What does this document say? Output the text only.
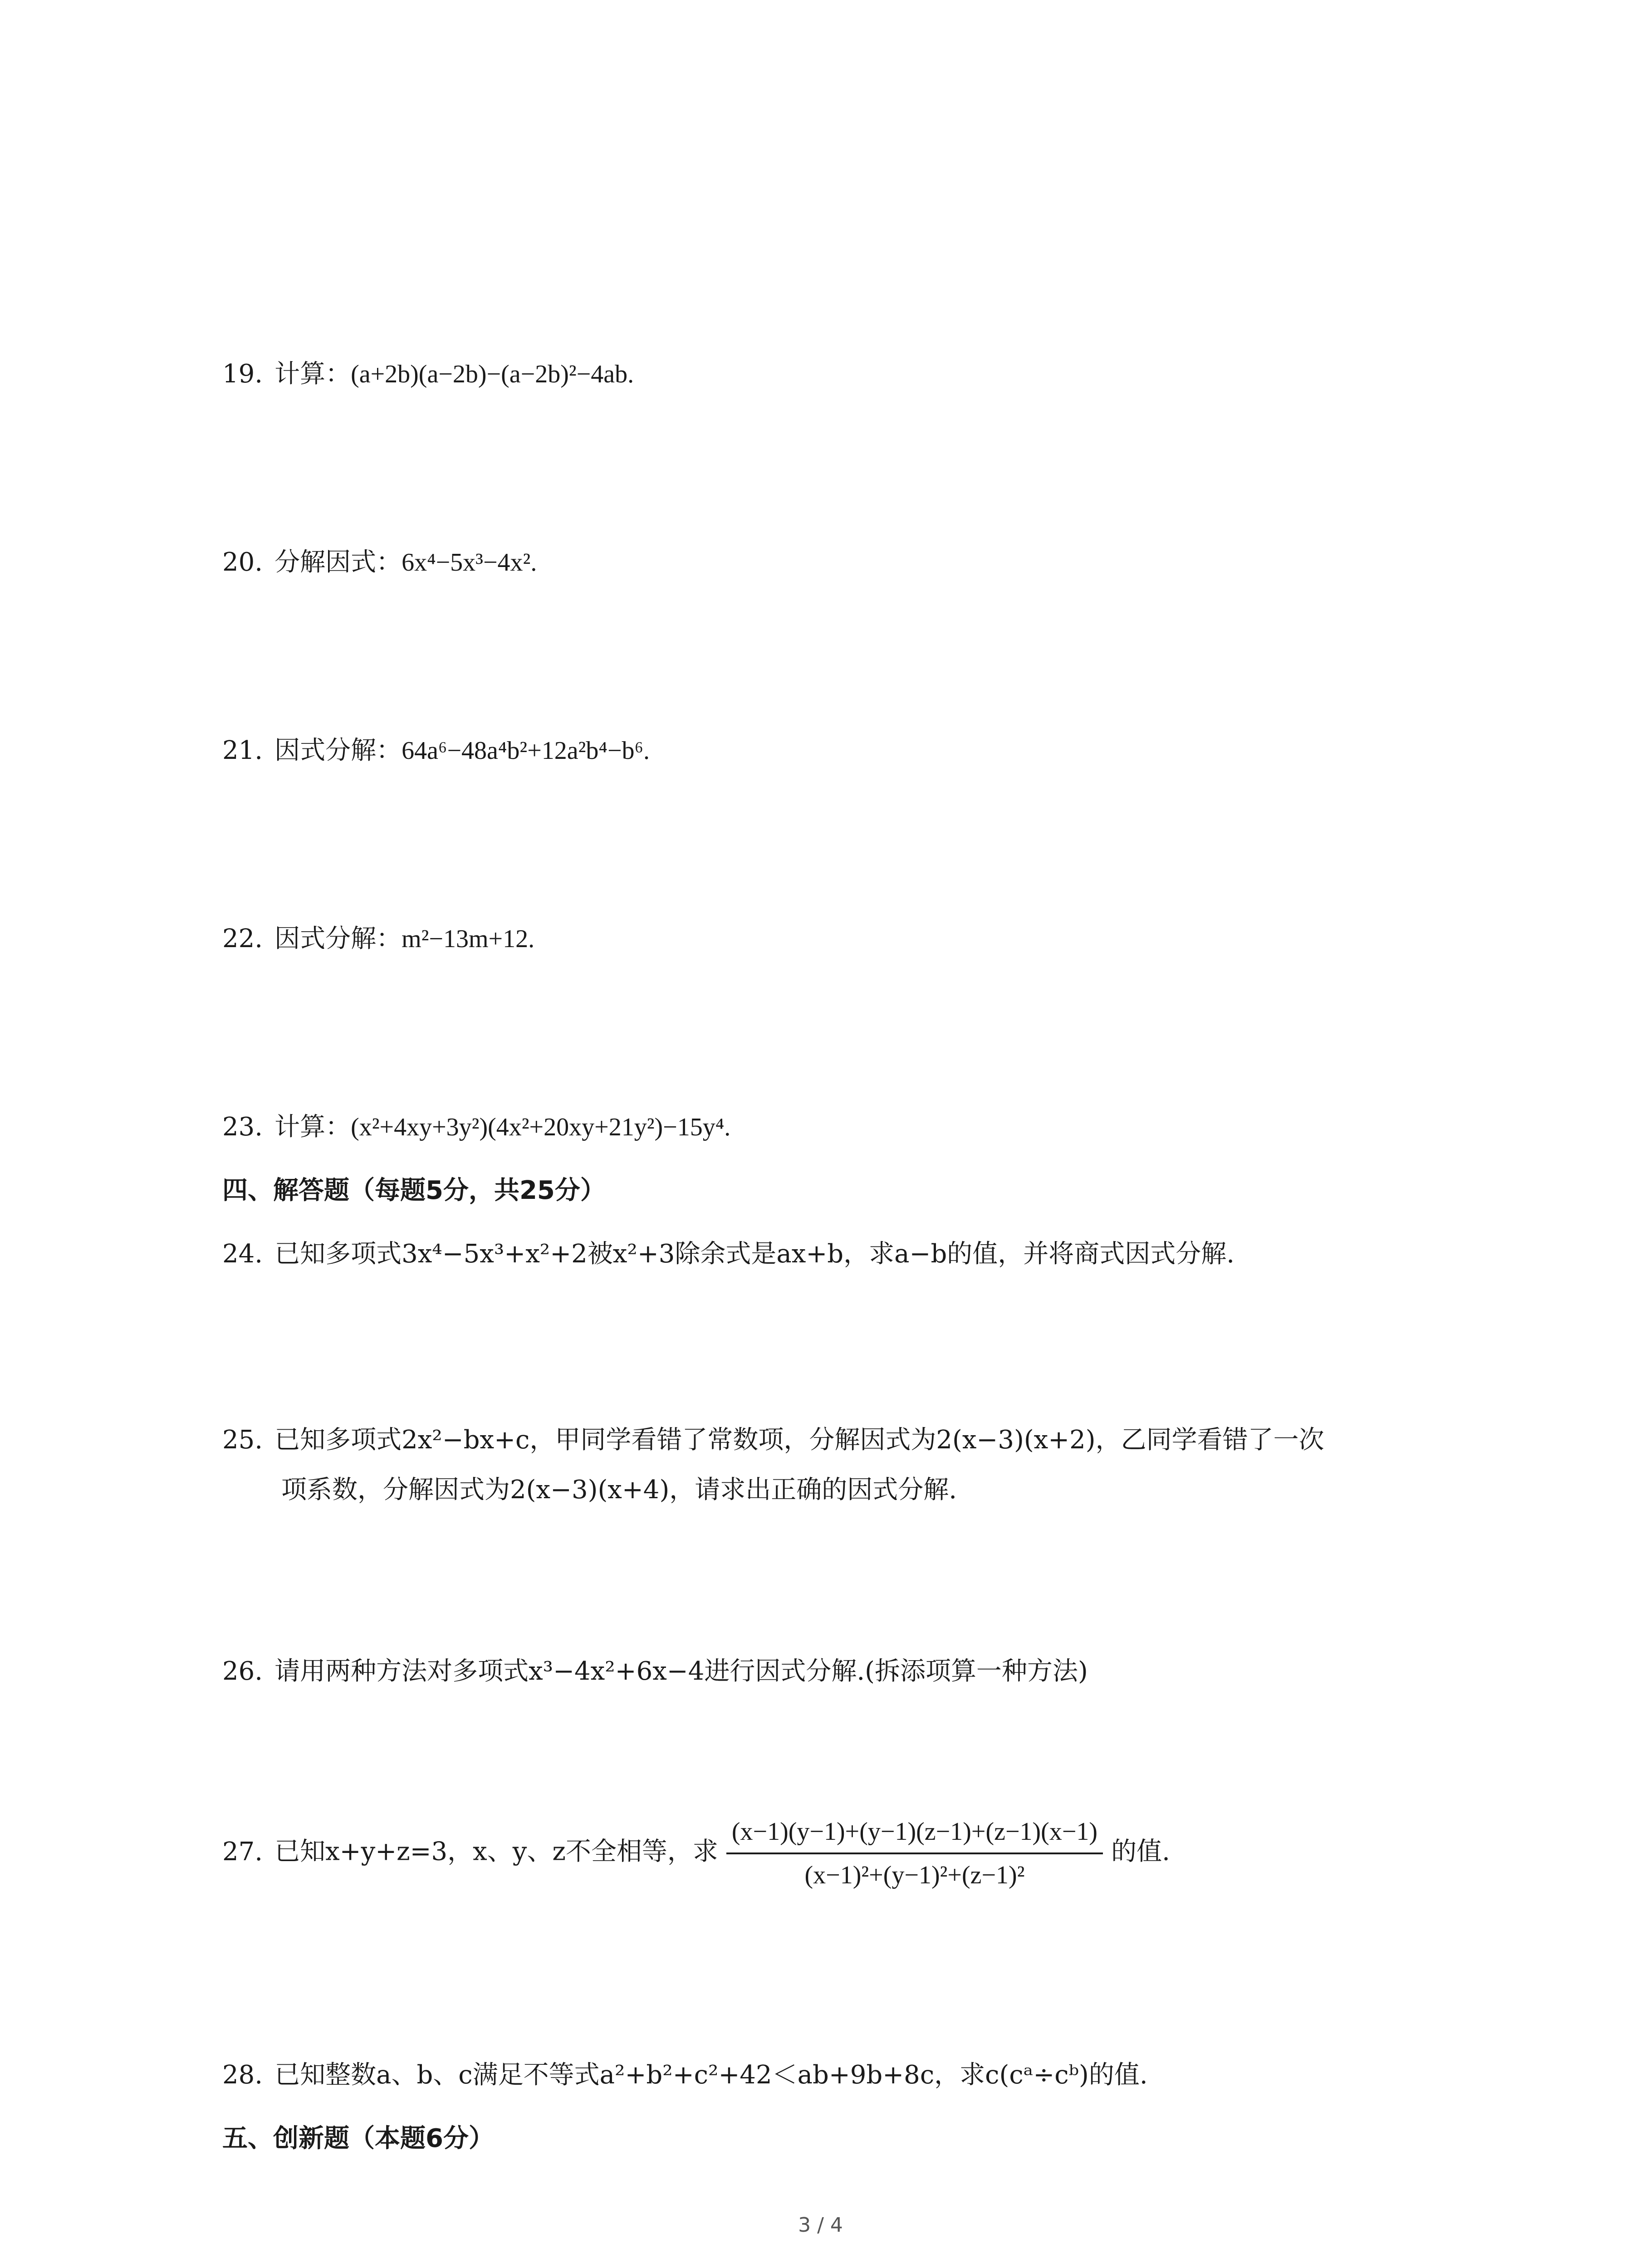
19. 计算：(a+2b)(a−2b)−(a−2b)²−4ab.
20. 分解因式：6x⁴−5x³−4x².
21. 因式分解：64a⁶−48a⁴b²+12a²b⁴−b⁶.
22. 因式分解：m²−13m+12.
23. 计算：(x²+4xy+3y²)(4x²+20xy+21y²)−15y⁴.
四、解答题（每题5分，共25分）
24. 已知多项式3x⁴−5x³+x²+2被x²+3除余式是ax+b，求a−b的值，并将商式因式分解.
25. 已知多项式2x²−bx+c，甲同学看错了常数项，分解因式为2(x−3)(x+2)，乙同学看错了一次
项系数，分解因式为2(x−3)(x+4)，请求出正确的因式分解.
26. 请用两种方法对多项式x³−4x²+6x−4进行因式分解.(拆添项算一种方法)
27. 已知x+y+z=3，x、y、z不全相等，求 $\frac{(x-1)(y-1)+(y-1)(z-1)+(z-1)(x-1)}{\text{(x−1)²+(y−1)²+(z−1)²}}$ 的值.
28. 已知整数a、b、c满足不等式a²+b²+c²+42＜ab+9b+8c，求c(cᵃ÷cᵇ)的值.
五、创新题（本题6分）
3 / 4
